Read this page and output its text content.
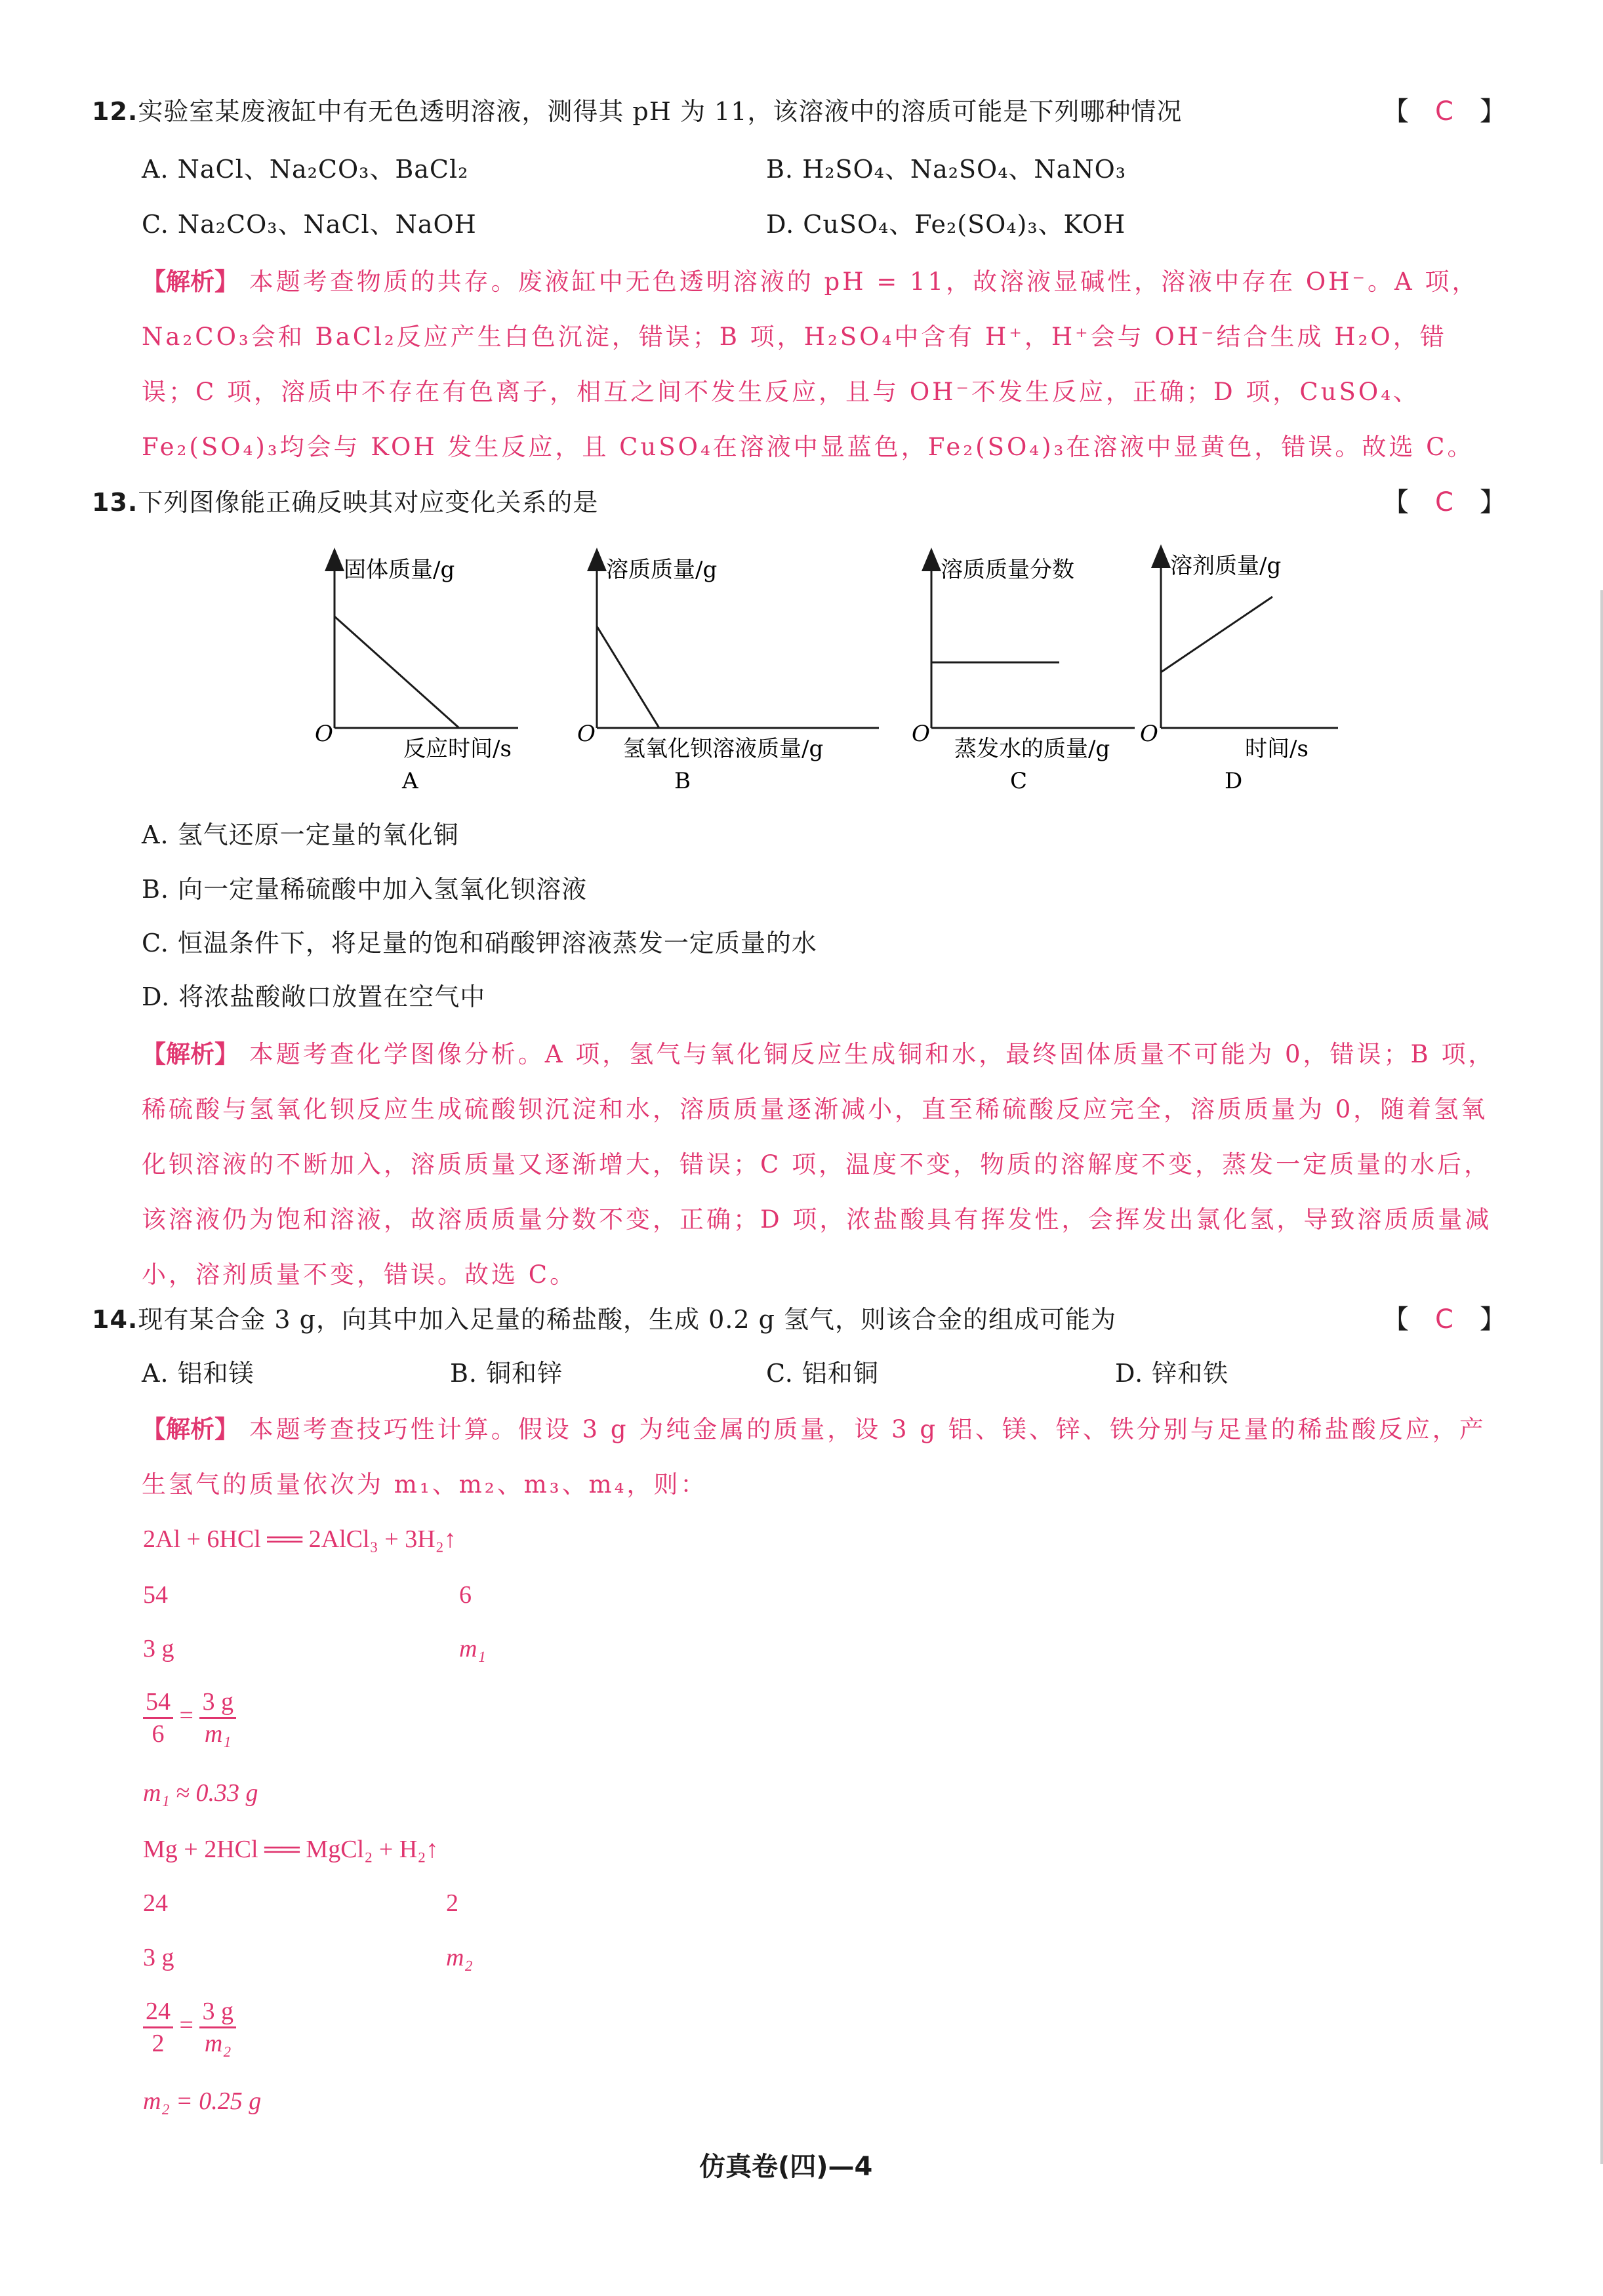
12.实验室某废液缸中有无色透明溶液，测得其 pH 为 11，该溶液中的溶质可能是下列哪种情况	【 C 】
A. NaCl、Na₂CO₃、BaCl₂	B. H₂SO₄、Na₂SO₄、NaNO₃
C. Na₂CO₃、NaCl、NaOH	D. CuSO₄、Fe₂(SO₄)₃、KOH
【解析】 本题考查物质的共存。废液缸中无色透明溶液的 pH = 11，故溶液显碱性，溶液中存在 OH⁻。A 项，Na₂CO₃会和 BaCl₂反应产生白色沉淀，错误；B 项，H₂SO₄中含有 H⁺，H⁺会与 OH⁻结合生成 H₂O，错误；C 项，溶质中不存在有色离子，相互之间不发生反应，且与 OH⁻不发生反应，正确；D 项，CuSO₄、Fe₂(SO₄)₃均会与 KOH 发生反应，且 CuSO₄在溶液中显蓝色，Fe₂(SO₄)₃在溶液中显黄色，错误。故选 C。
13.下列图像能正确反映其对应变化关系的是	【 C 】
固体质量/g
O
反应时间/s
A
溶质质量/g
O
氢氧化钡溶液质量/g
B
溶质质量分数
O
蒸发水的质量/g
C
溶剂质量/g
O
时间/s
D
A. 氢气还原一定量的氧化铜
B. 向一定量稀硫酸中加入氢氧化钡溶液
C. 恒温条件下，将足量的饱和硝酸钾溶液蒸发一定质量的水
D. 将浓盐酸敞口放置在空气中
【解析】 本题考查化学图像分析。A 项，氢气与氧化铜反应生成铜和水，最终固体质量不可能为 0，错误；B 项，稀硫酸与氢氧化钡反应生成硫酸钡沉淀和水，溶质质量逐渐减小，直至稀硫酸反应完全，溶质质量为 0，随着氢氧化钡溶液的不断加入，溶质质量又逐渐增大，错误；C 项，温度不变，物质的溶解度不变，蒸发一定质量的水后，该溶液仍为饱和溶液，故溶质质量分数不变，正确；D 项，浓盐酸具有挥发性，会挥发出氯化氢，导致溶质质量减小，溶剂质量不变，错误。故选 C。
14.现有某合金 3 g，向其中加入足量的稀盐酸，生成 0.2 g 氢气，则该合金的组成可能为	【 C 】
A. 铝和镁	B. 铜和锌	C. 铝和铜	D. 锌和铁
【解析】 本题考查技巧性计算。假设 3 g 为纯金属的质量，设 3 g 铝、镁、锌、铁分别与足量的稀盐酸反应，产生氢气的质量依次为 m₁、m₂、m₃、m₄，则：
2Al + 6HCl ══ 2AlCl₃ + 3H₂↑
54	6
3 g	m₁
$\frac{54}{6} = \frac{3 g}{\text{m₁}}$
m₁ ≈ 0.33 g
Mg + 2HCl ══ MgCl₂ + H₂↑
24	2
3 g	m₂
$\frac{24}{2} = \frac{3 g}{\text{m₂}}$
m₂ = 0.25 g
仿真卷(四)—4
